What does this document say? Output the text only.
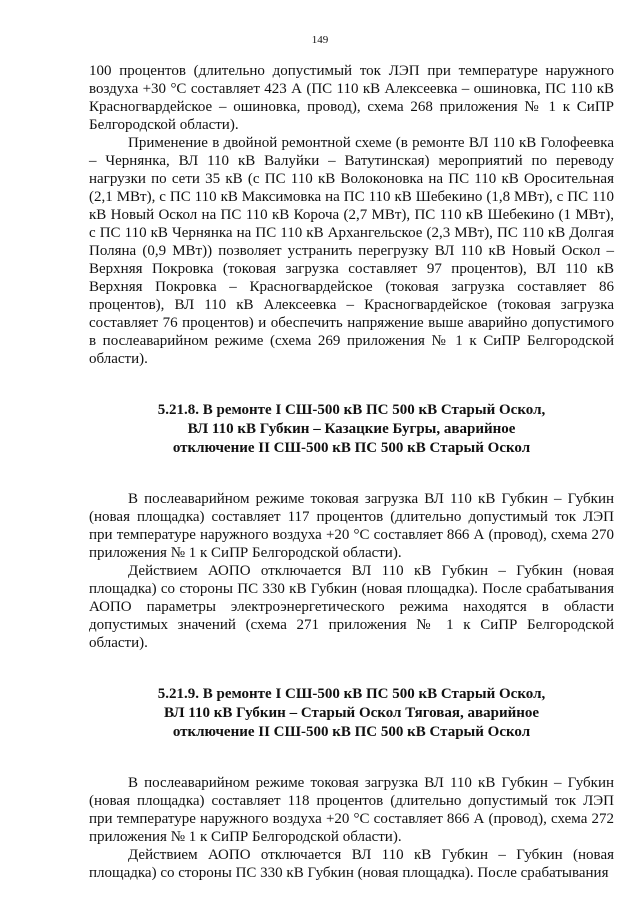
149

100 процентов (длительно допустимый ток ЛЭП при температуре наружного воздуха +30 °С составляет 423 А (ПС 110 кВ Алексеевка – ошиновка, ПС 110 кВ Красногвардейское – ошиновка, провод), схема 268 приложения № 1 к СиПР Белгородской области).

Применение в двойной ремонтной схеме (в ремонте ВЛ 110 кВ Голофеевка – Чернянка, ВЛ 110 кВ Валуйки – Ватутинская) мероприятий по переводу нагрузки по сети 35 кВ (с ПС 110 кВ Волоконовка на ПС 110 кВ Оросительная (2,1 МВт), с ПС 110 кВ Максимовка на ПС 110 кВ Шебекино (1,8 МВт), с ПС 110 кВ Новый Оскол на ПС 110 кВ Короча (2,7 МВт), ПС 110 кВ Шебекино (1 МВт), с ПС 110 кВ Чернянка на ПС 110 кВ Архангельское (2,3 МВт), ПС 110 кВ Долгая Поляна (0,9 МВт)) позволяет устранить перегрузку ВЛ 110 кВ Новый Оскол – Верхняя Покровка (токовая загрузка составляет 97 процентов), ВЛ 110 кВ Верхняя Покровка – Красногвардейское (токовая загрузка составляет 86 процентов), ВЛ 110 кВ Алексеевка – Красногвардейское (токовая загрузка составляет 76 процентов) и обеспечить напряжение выше аварийно допустимого в послеаварийном режиме (схема 269 приложения № 1 к СиПР Белгородской области).

5.21.8. В ремонте I СШ-500 кВ ПС 500 кВ Старый Оскол,
ВЛ 110 кВ Губкин – Казацкие Бугры, аварийное
отключение II СШ-500 кВ ПС 500 кВ Старый Оскол

В послеаварийном режиме токовая загрузка ВЛ 110 кВ Губкин – Губкин (новая площадка) составляет 117 процентов (длительно допустимый ток ЛЭП при температуре наружного воздуха +20 °С составляет 866 А (провод), схема 270 приложения № 1 к СиПР Белгородской области).

Действием АОПО отключается ВЛ 110 кВ Губкин – Губкин (новая площадка) со стороны ПС 330 кВ Губкин (новая площадка). После срабатывания АОПО параметры электроэнергетического режима находятся в области допустимых значений (схема 271 приложения № 1 к СиПР Белгородской области).

5.21.9. В ремонте I СШ-500 кВ ПС 500 кВ Старый Оскол,
ВЛ 110 кВ Губкин – Старый Оскол Тяговая, аварийное
отключение II СШ-500 кВ ПС 500 кВ Старый Оскол

В послеаварийном режиме токовая загрузка ВЛ 110 кВ Губкин – Губкин (новая площадка) составляет 118 процентов (длительно допустимый ток ЛЭП при температуре наружного воздуха +20 °С составляет 866 А (провод), схема 272 приложения № 1 к СиПР Белгородской области).

Действием АОПО отключается ВЛ 110 кВ Губкин – Губкин (новая площадка) со стороны ПС 330 кВ Губкин (новая площадка). После срабатывания
